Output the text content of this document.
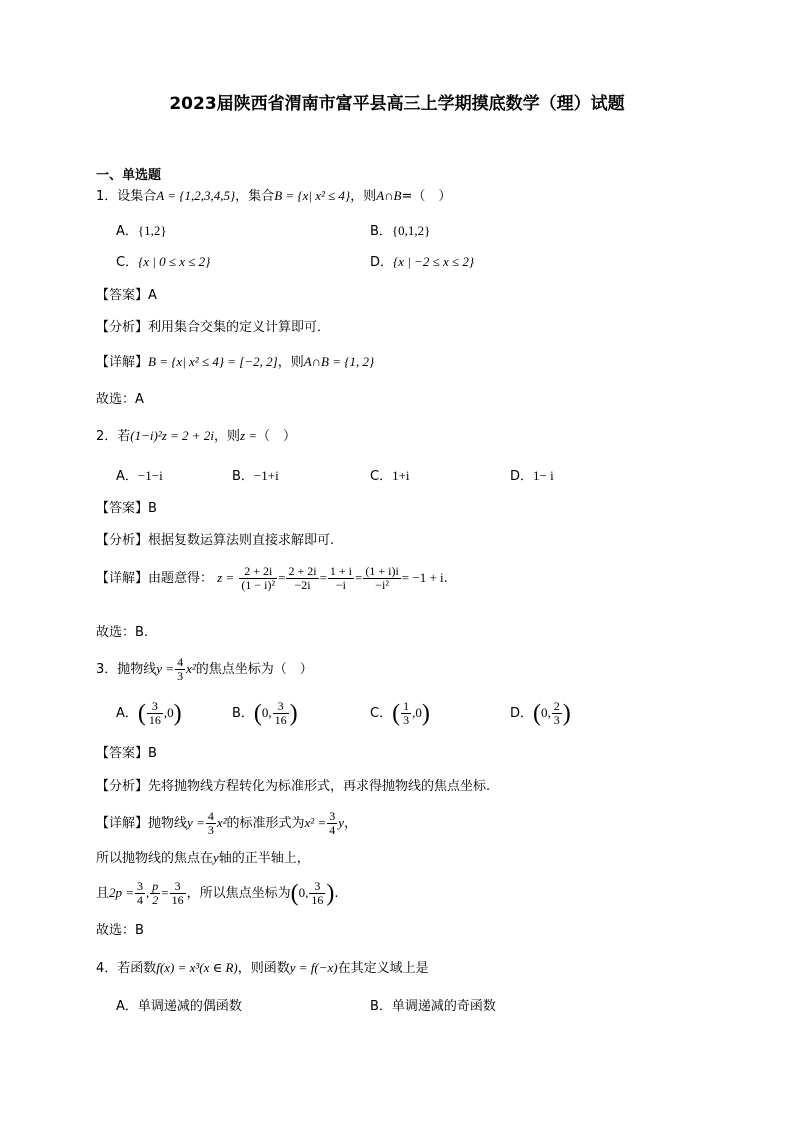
2023届陕西省渭南市富平县高三上学期摸底数学（理）试题
一、单选题
1．设集合A = {1,2,3,4,5}，集合B = {x| x² ≤ 4}，则A∩B=（　）
A．{1,2}	B．{0,1,2}
C．{x | 0 ≤ x ≤ 2}	D．{x | −2 ≤ x ≤ 2}
【答案】A
【分析】利用集合交集的定义计算即可．
【详解】B = {x| x² ≤ 4} = [−2, 2]，则A∩B = {1, 2}
故选：A
2．若(1−i)²z = 2 + 2i，则z =（　）
A．−1−i	B．−1+i	C．1+i	D．1− i
【答案】B
【分析】根据复数运算法则直接求解即可.
【详解】由题意得： $z = \frac{2 + 2i}{\text{(1 − i)²}} = \frac{2 + 2i}{-2i} = \frac{1 + i}{-i} = \frac{(1 + i)i}{\text{−i²}} = -1 + i$.
故选：B.
3．抛物线$y = \frac{4}{3} x^2$的焦点坐标为（　）
A．( $\frac{3}{16} ,0$)	B．(0, $\frac{3}{16}$ )	C．( $\frac{1}{3} ,0$)	D．(0, $\frac{2}{3}$ )
【答案】B
【分析】先将抛物线方程转化为标准形式，再求得抛物线的焦点坐标.
【详解】抛物线$y = \frac{4}{3} x^2$的标准形式为$x^2 = \frac{3}{4}$ y，
所以抛物线的焦点在y轴的正半轴上，
且$2p = \frac{3}{4}$ , $\frac{p}{2} = \frac{3}{16}$ ，所以焦点坐标为(0, $\frac{3}{16}$ ).
故选：B
4．若函数f(x) = x³(x ∈ R)，则函数y = f(−x)在其定义域上是
A．单调递减的偶函数	B．单调递减的奇函数
